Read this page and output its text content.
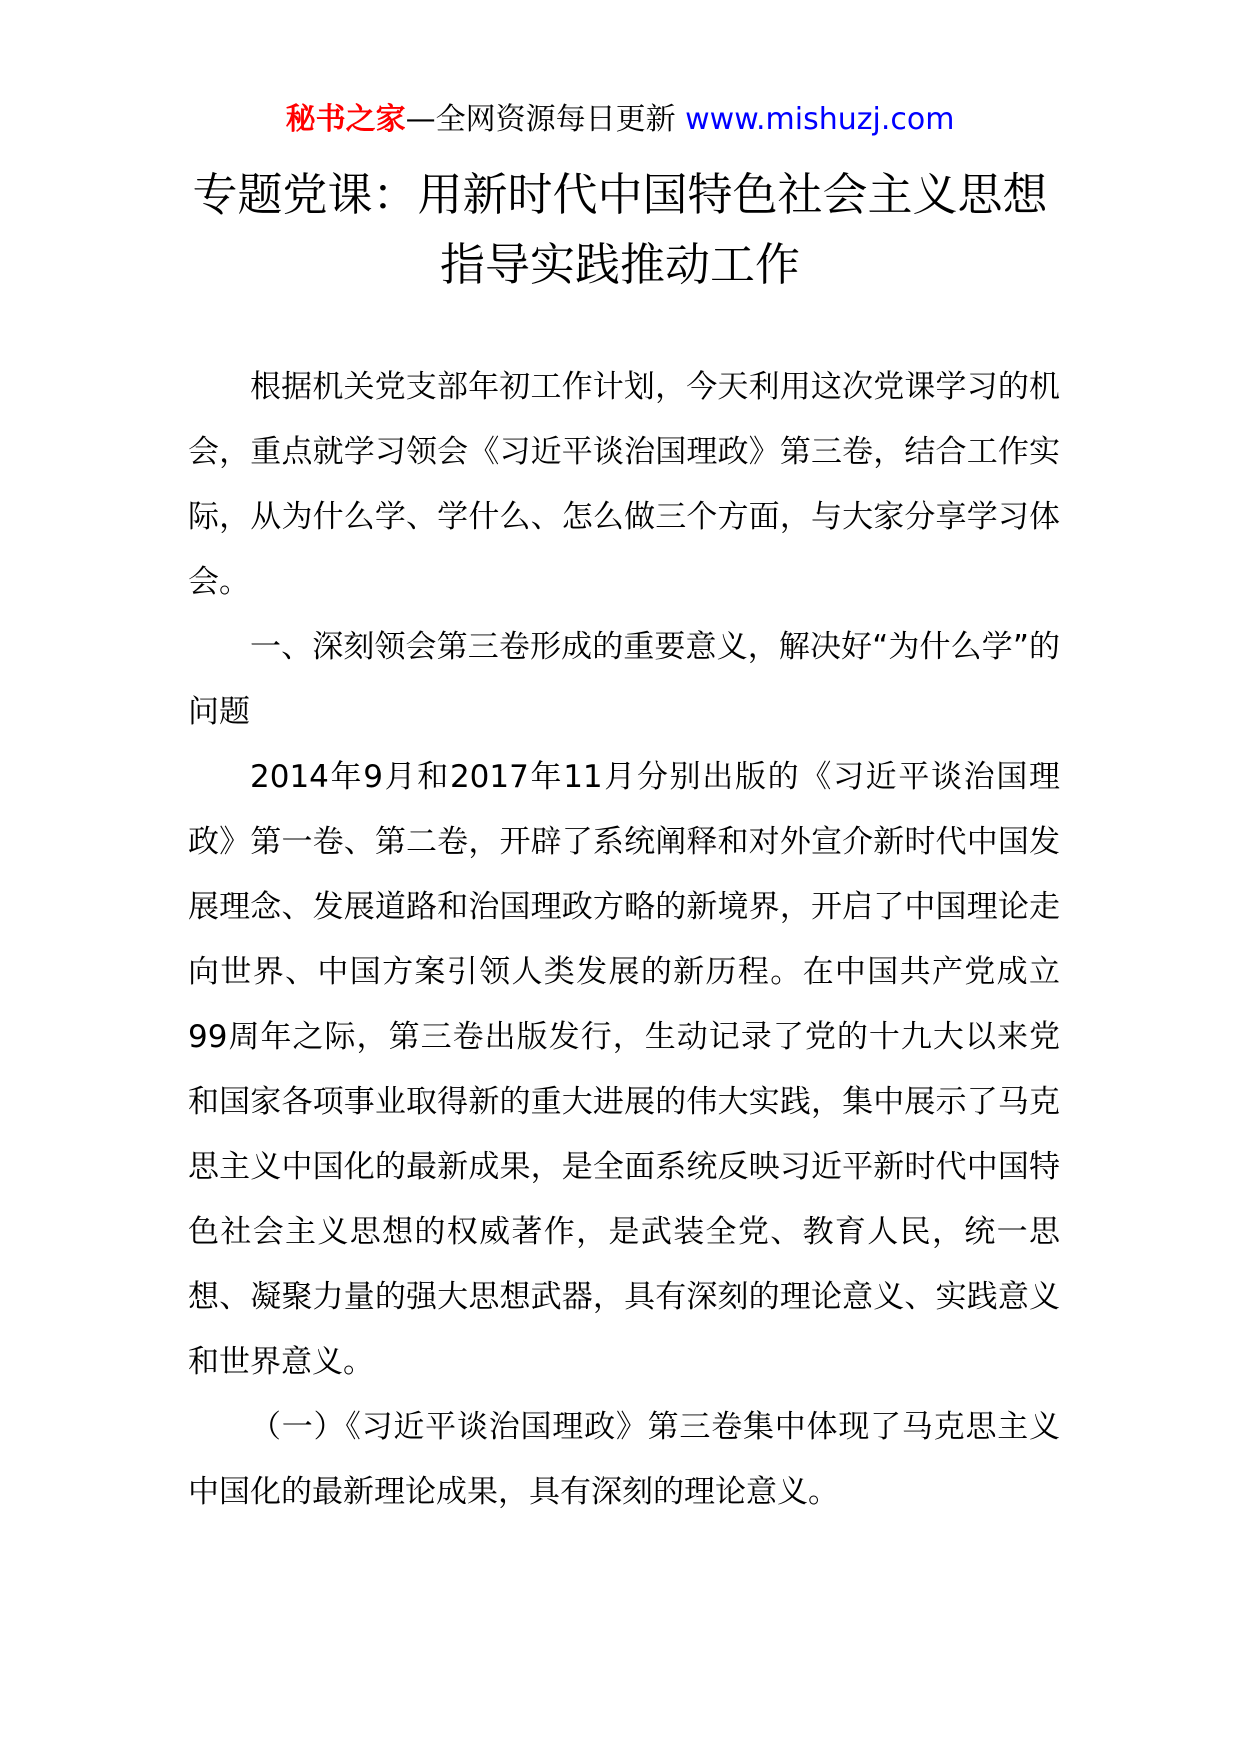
秘书之家—全网资源每日更新 www.mishuzj.com
专题党课：用新时代中国特色社会主义思想指导实践推动工作

根据机关党支部年初工作计划，今天利用这次党课学习的机会，重点就学习领会《习近平谈治国理政》第三卷，结合工作实际，从为什么学、学什么、怎么做三个方面，与大家分享学习体会。

一、深刻领会第三卷形成的重要意义，解决好“为什么学”的问题

2014年9月和2017年11月分别出版的《习近平谈治国理政》第一卷、第二卷，开辟了系统阐释和对外宣介新时代中国发展理念、发展道路和治国理政方略的新境界，开启了中国理论走向世界、中国方案引领人类发展的新历程。在中国共产党成立99周年之际，第三卷出版发行，生动记录了党的十九大以来党和国家各项事业取得新的重大进展的伟大实践，集中展示了马克思主义中国化的最新成果，是全面系统反映习近平新时代中国特色社会主义思想的权威著作，是武装全党、教育人民，统一思想、凝聚力量的强大思想武器，具有深刻的理论意义、实践意义和世界意义。

（一）《习近平谈治国理政》第三卷集中体现了马克思主义中国化的最新理论成果，具有深刻的理论意义。
